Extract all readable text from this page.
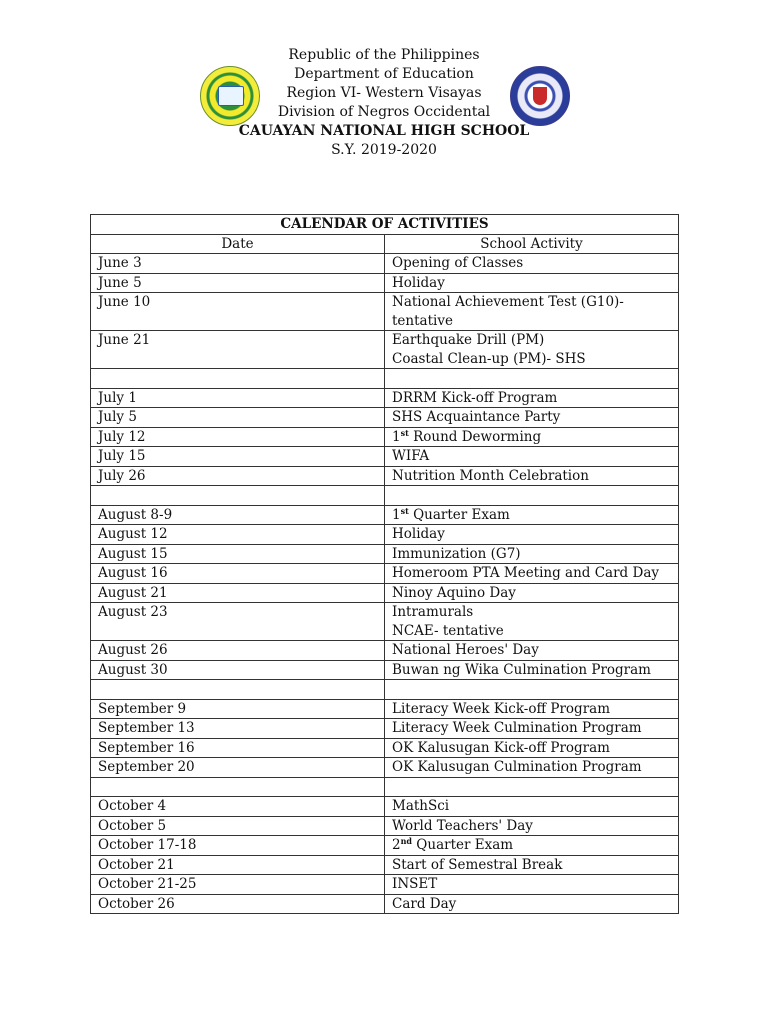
Republic of the Philippines
Department of Education
Region VI- Western Visayas
Division of Negros Occidental
CAUAYAN NATIONAL HIGH SCHOOL
S.Y. 2019-2020
CALENDAR OF ACTIVITIES	
Date	School Activity
June 3	Opening of Classes

June 5	Holiday

June 10	National Achievement Test (G10)-
tentative

June 21	Earthquake Drill (PM)
Coastal Clean-up (PM)- SHS

July 1	DRRM Kick-off Program

July 5	SHS Acquaintance Party

July 12	1st Round Deworming
July 15	WIFA

July 26	Nutrition Month Celebration

August 8-9	1st Quarter Exam
August 12	Holiday

August 15	Immunization (G7)

August 16	Homeroom PTA Meeting and Card Day

August 21	Ninoy Aquino Day

August 23	Intramurals
NCAE- tentative

August 26	National Heroes' Day

August 30	Buwan ng Wika Culmination Program

September 9	Literacy Week Kick-off Program

September 13	Literacy Week Culmination Program

September 16	OK Kalusugan Kick-off Program

September 20	OK Kalusugan Culmination Program

October 4	MathSci

October 5	World Teachers' Day

October 17-18	2nd Quarter Exam
October 21	Start of Semestral Break

October 21-25	INSET

October 26	Card Day
